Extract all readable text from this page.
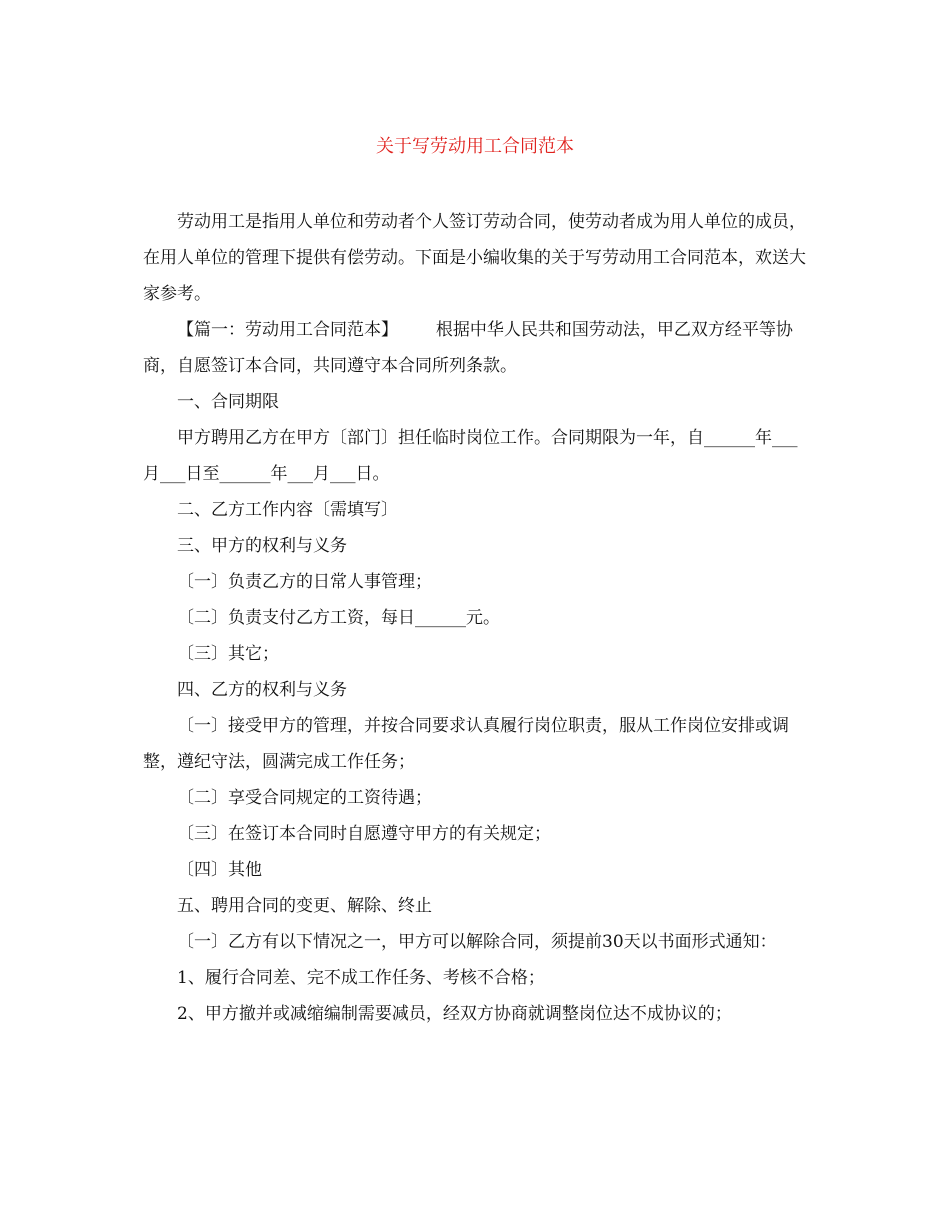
关于写劳动用工合同范本

劳动用工是指用人单位和劳动者个人签订劳动合同，使劳动者成为用人单位的成员，在用人单位的管理下提供有偿劳动。下面是小编收集的关于写劳动用工合同范本，欢送大家参考。

【篇一：劳动用工合同范本】       根据中华人民共和国劳动法，甲乙双方经平等协商，自愿签订本合同，共同遵守本合同所列条款。

一、合同期限

甲方聘用乙方在甲方〔部门〕担任临时岗位工作。合同期限为一年，自______年___月___日至______年___月___日。

二、乙方工作内容〔需填写〕

三、甲方的权利与义务

〔一〕负责乙方的日常人事管理；

〔二〕负责支付乙方工资，每日______元。

〔三〕其它；

四、乙方的权利与义务

〔一〕接受甲方的管理，并按合同要求认真履行岗位职责，服从工作岗位安排或调整，遵纪守法，圆满完成工作任务；

〔二〕享受合同规定的工资待遇；

〔三〕在签订本合同时自愿遵守甲方的有关规定；

〔四〕其他

五、聘用合同的变更、解除、终止

〔一〕乙方有以下情况之一，甲方可以解除合同，须提前30天以书面形式通知：

1、履行合同差、完不成工作任务、考核不合格；

2、甲方撤并或减缩编制需要减员，经双方协商就调整岗位达不成协议的；
